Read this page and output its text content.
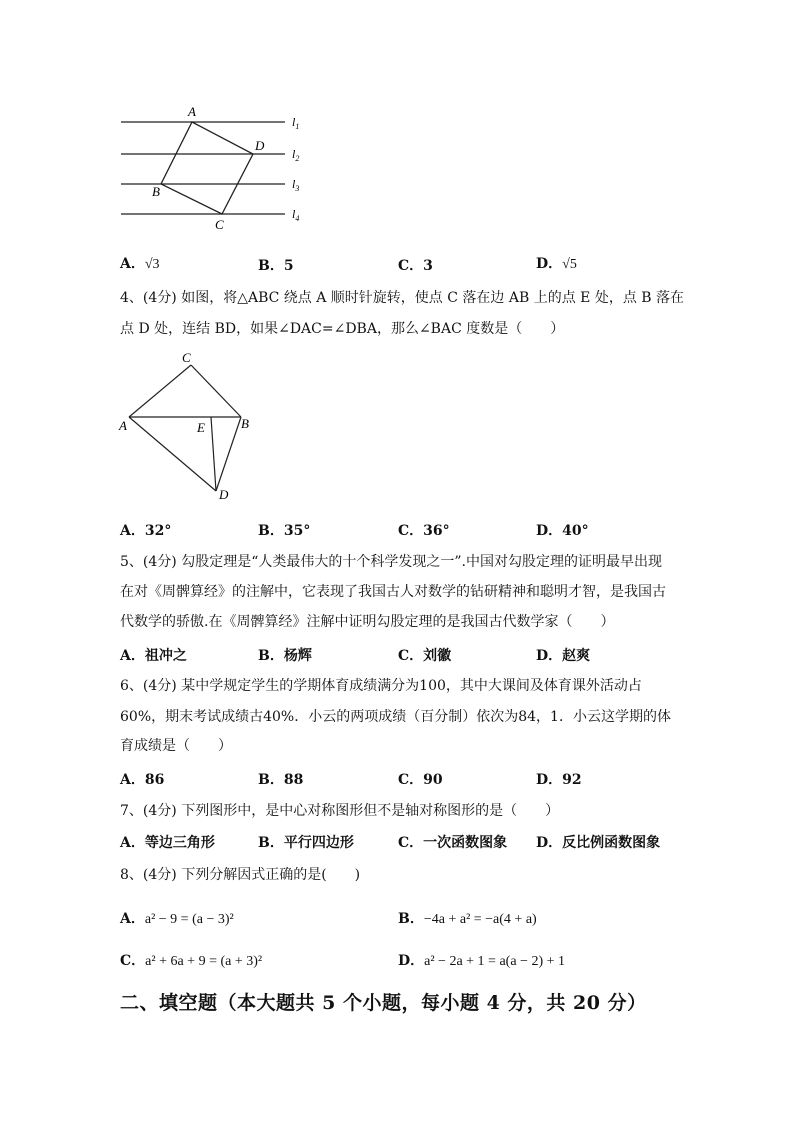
A
D
B
C
$l_1$
$l_2$
$l_3$
$l_4$
A．√3	B．5	C．3	D．√5
4、(4分) 如图，将△ABC 绕点 A 顺时针旋转，使点 C 落在边 AB 上的点 E 处，点 B 落在
点 D 处，连结 BD，如果∠DAC=∠DBA，那么∠BAC 度数是（　　）
C
A	E	B
D
A．32°	B．35°	C．36°	D．40°
5、(4分) 勾股定理是“人类最伟大的十个科学发现之一”.中国对勾股定理的证明最早出现
在对《周髀算经》的注解中，它表现了我国古人对数学的钻研精神和聪明才智，是我国古
代数学的骄傲.在《周髀算经》注解中证明勾股定理的是我国古代数学家（　　）
A．祖冲之	B．杨辉	C．刘徽	D．赵爽
6、(4分) 某中学规定学生的学期体育成绩满分为100，其中大课间及体育课外活动占
60%，期末考试成绩古40%．小云的两项成绩（百分制）依次为84，1．小云这学期的体
育成绩是（　　）
A．86	B．88	C．90	D．92
7、(4分) 下列图形中，是中心对称图形但不是轴对称图形的是（　　）
A．等边三角形	B．平行四边形	C．一次函数图象 D．反比例函数图象
8、(4分) 下列分解因式正确的是(　　)
A．a² − 9 = (a − 3)²	B．−4a + a² = −a(4 + a)
C．a² + 6a + 9 = (a + 3)²	D．a² − 2a + 1 = a(a − 2) + 1
二、填空题（本大题共 5 个小题，每小题 4 分，共 20 分）
